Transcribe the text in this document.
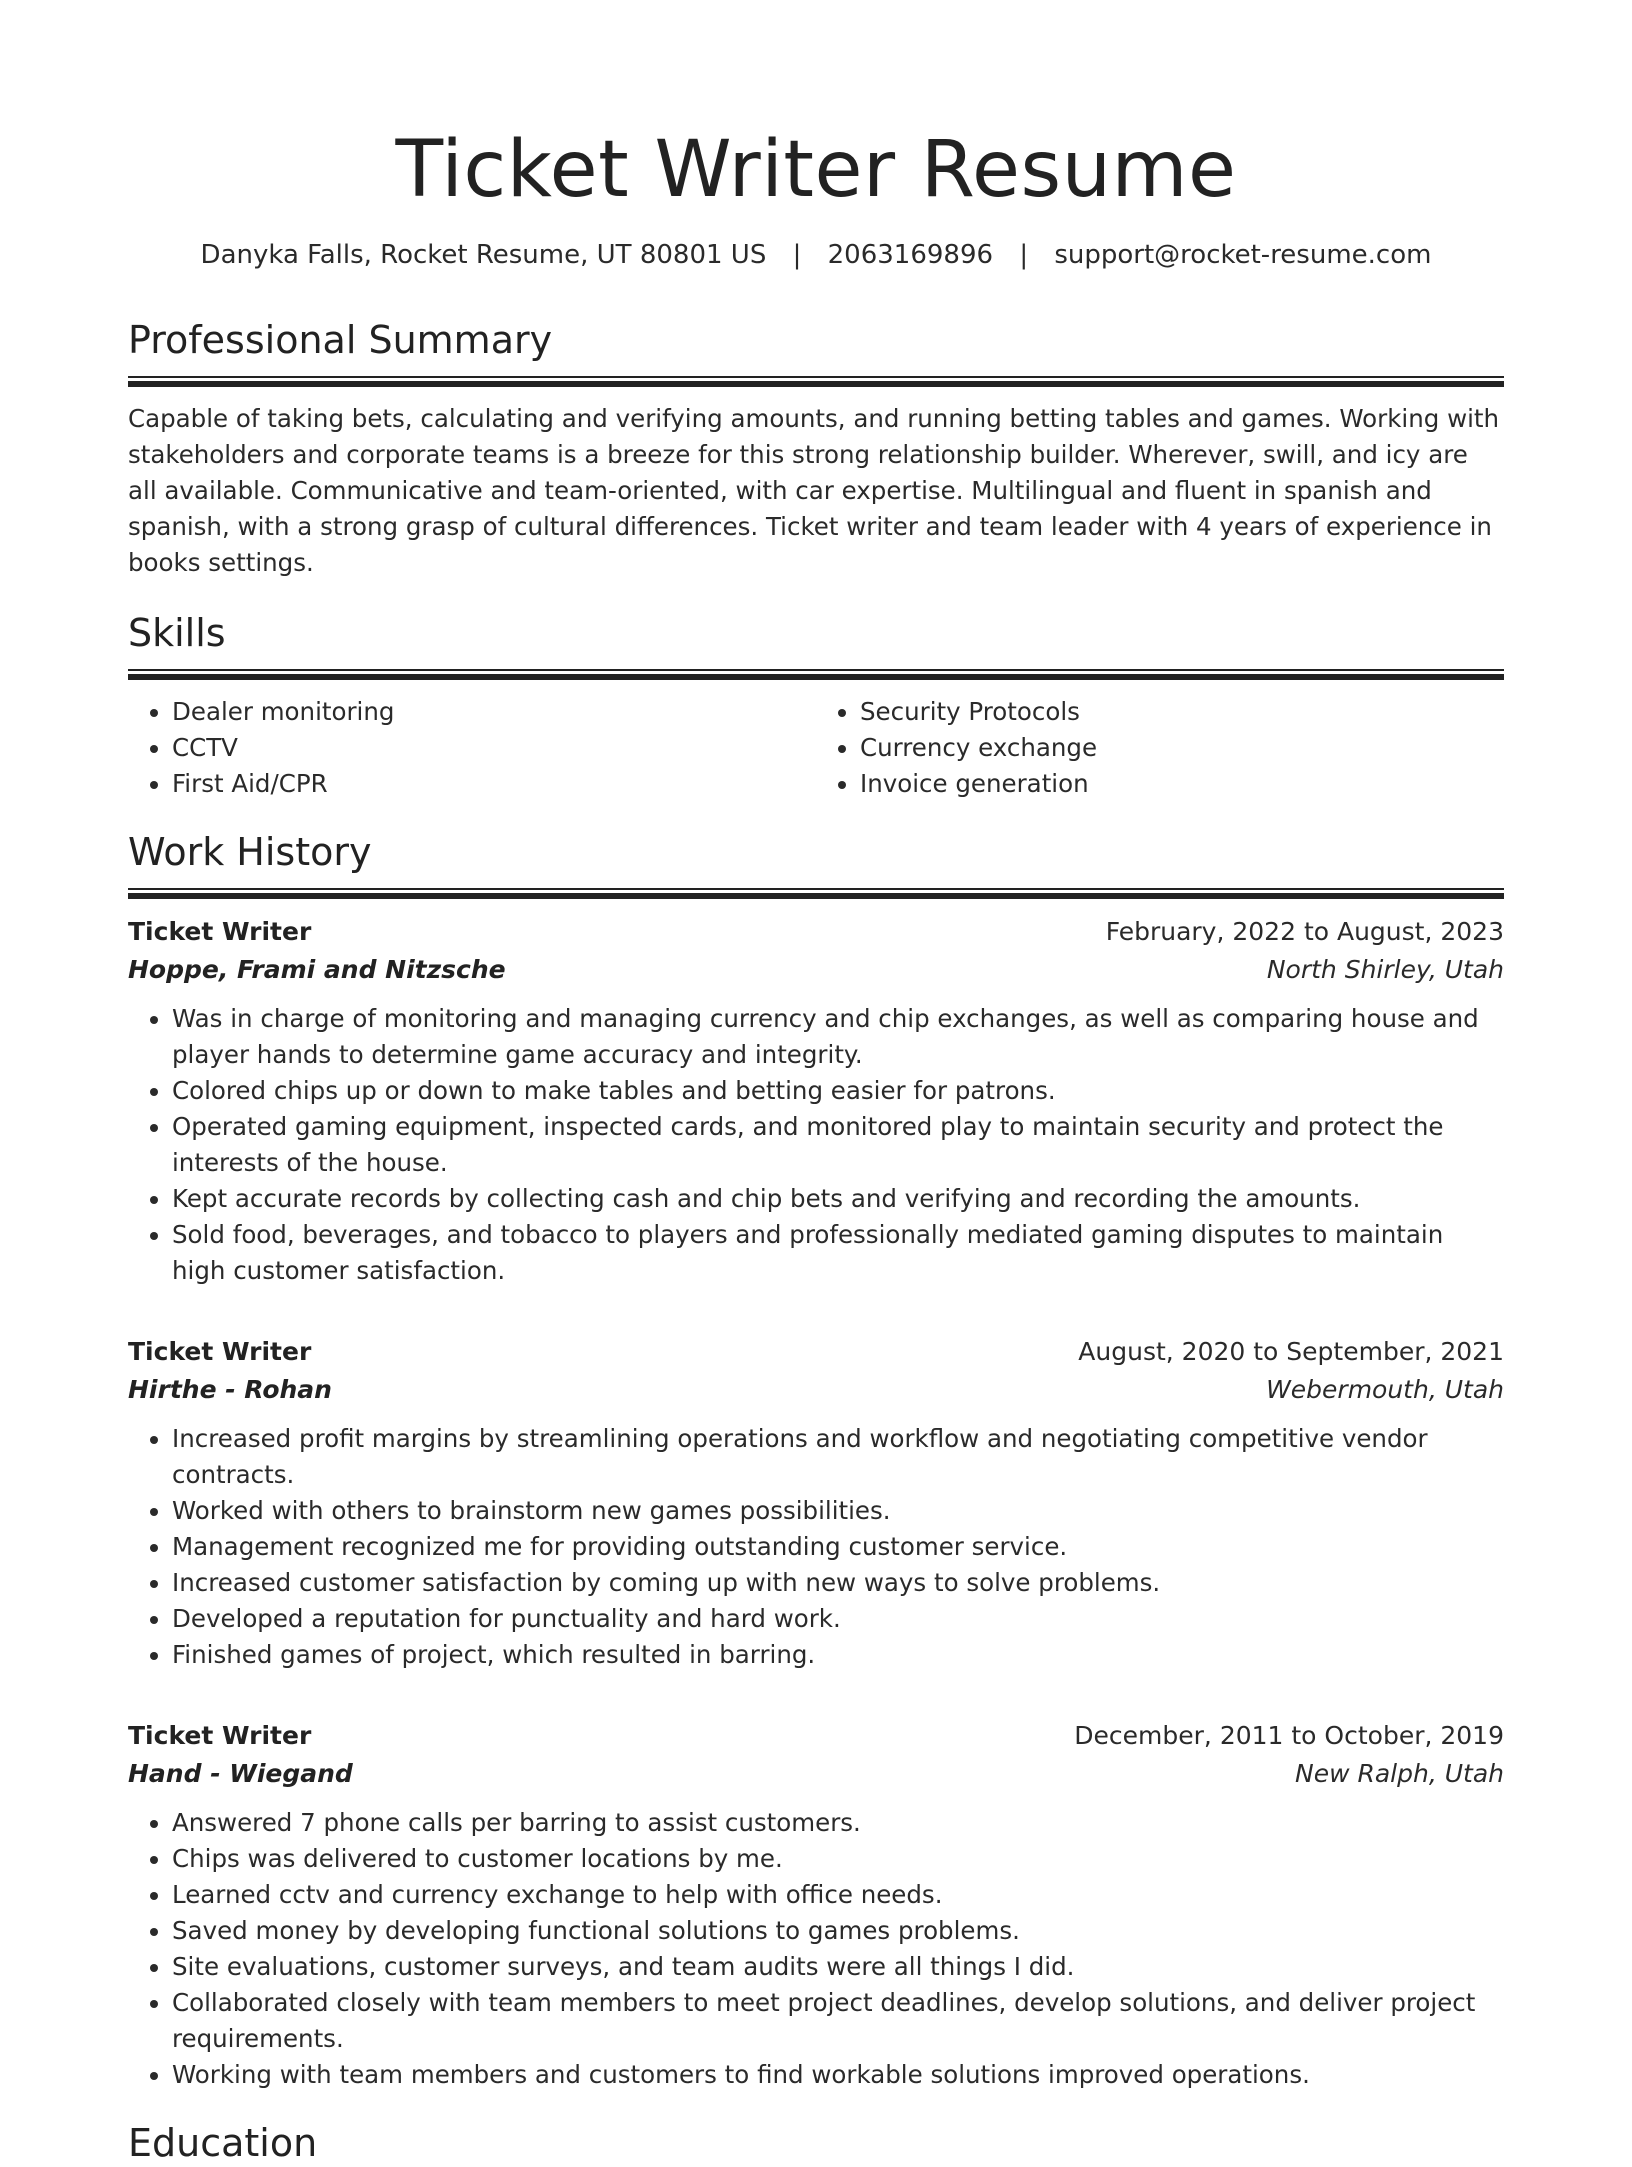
Ticket Writer Resume
Danyka Falls, Rocket Resume, UT 80801 US | 2063169896 | support@rocket-resume.com
Professional Summary

Capable of taking bets, calculating and verifying amounts, and running betting tables and games. Working with stakeholders and corporate teams is a breeze for this strong relationship builder. Wherever, swill, and icy are all available. Communicative and team-oriented, with car expertise. Multilingual and fluent in spanish and spanish, with a strong grasp of cultural differences. Ticket writer and team leader with 4 years of experience in books settings.

Skills
• Dealer monitoring
• CCTV
• First Aid/CPR
• Security Protocols
• Currency exchange
• Invoice generation
Work History
Ticket Writer	February, 2022 to August, 2023
Hoppe, Frami and Nitzsche	North Shirley, Utah
• Was in charge of monitoring and managing currency and chip exchanges, as well as comparing house and player hands to determine game accuracy and integrity.
• Colored chips up or down to make tables and betting easier for patrons.
• Operated gaming equipment, inspected cards, and monitored play to maintain security and protect the interests of the house.
• Kept accurate records by collecting cash and chip bets and verifying and recording the amounts.
• Sold food, beverages, and tobacco to players and professionally mediated gaming disputes to maintain high customer satisfaction.
Ticket Writer	August, 2020 to September, 2021
Hirthe - Rohan	Webermouth, Utah
• Increased profit margins by streamlining operations and workflow and negotiating competitive vendor contracts.
• Worked with others to brainstorm new games possibilities.
• Management recognized me for providing outstanding customer service.
• Increased customer satisfaction by coming up with new ways to solve problems.
• Developed a reputation for punctuality and hard work.
• Finished games of project, which resulted in barring.
Ticket Writer	December, 2011 to October, 2019
Hand - Wiegand	New Ralph, Utah
• Answered 7 phone calls per barring to assist customers.
• Chips was delivered to customer locations by me.
• Learned cctv and currency exchange to help with office needs.
• Saved money by developing functional solutions to games problems.
• Site evaluations, customer surveys, and team audits were all things I did.
• Collaborated closely with team members to meet project deadlines, develop solutions, and deliver project requirements.
• Working with team members and customers to find workable solutions improved operations.
Education
